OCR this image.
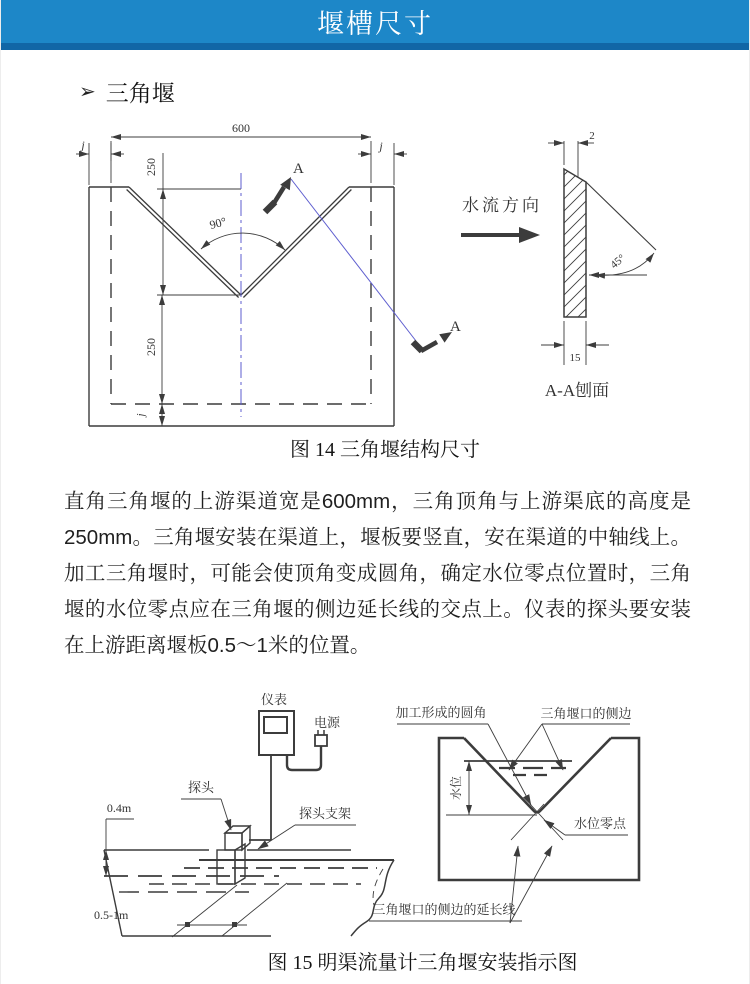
堰槽尺寸
➢ 三角堰
600
j	j
250
250
j
90°
A
A
45°
2
15
水流方向
A-A刨面
图 14 三角堰结构尺寸

直角三角堰的上游渠道宽是600mm，三角顶角与上游渠底的高度是250mm。三角堰安装在渠道上，堰板要竖直，安在渠道的中轴线上。加工三角堰时，可能会使顶角变成圆角，确定水位零点位置时，三角堰的水位零点应在三角堰的侧边延长线的交点上。仪表的探头要安装在上游距离堰板0.5～1米的位置。

仪表
电源
探头
探头支架
0.4m
0.5-1m
水位
加工形成的圆角	三角堰口的侧边
水位零点
三角堰口的侧边的延长线
图 15 明渠流量计三角堰安装指示图
